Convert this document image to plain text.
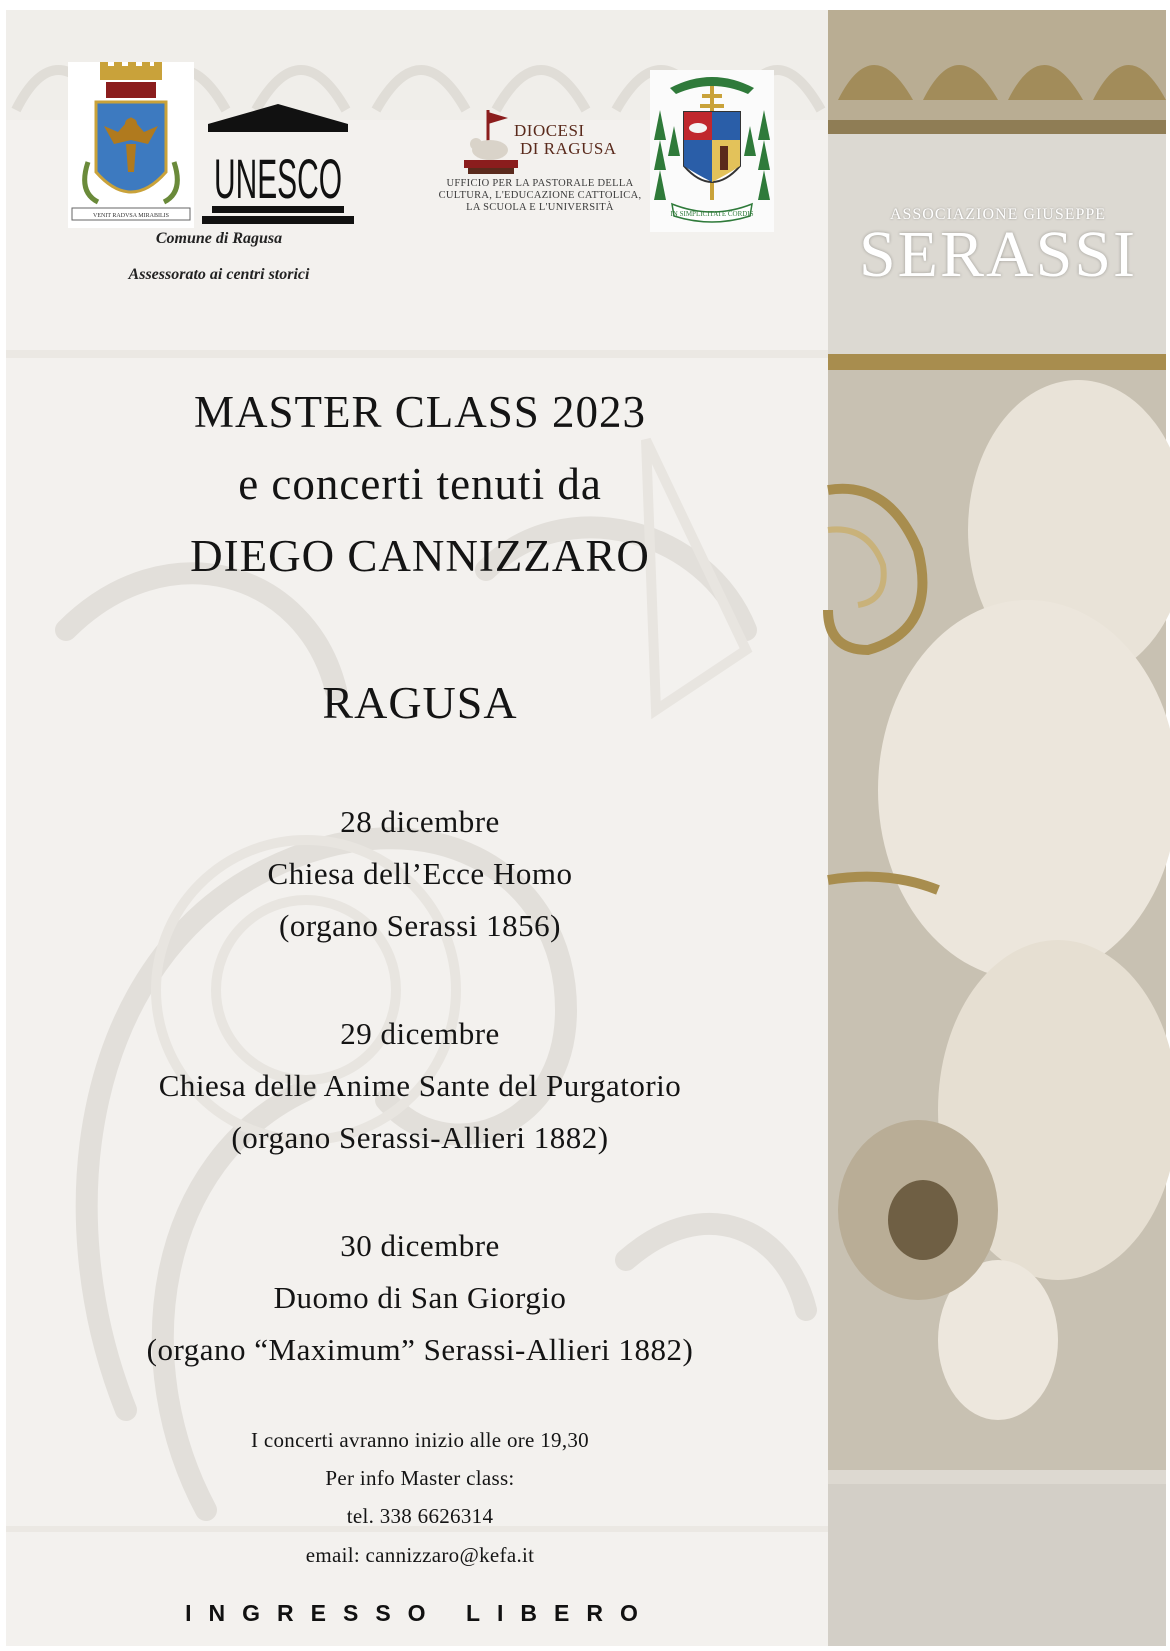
VENIT RADVSA MIRABILIS
UNESCO
DIOCESI
DI RAGUSA
UFFICIO PER LA PASTORALE DELLA
CULTURA, L'EDUCAZIONE CATTOLICA,
LA SCUOLA E L'UNIVERSITÀ
IN SIMPLICITATE CORDIS
Comune di Ragusa
Assessorato ai centri storici
ASSOCIAZIONE GIUSEPPE
SERASSI
MASTER CLASS 2023
e concerti tenuti da
DIEGO CANNIZZARO
RAGUSA
28 dicembre
Chiesa dell’Ecce Homo
(organo Serassi 1856)
29 dicembre
Chiesa delle Anime Sante del Purgatorio
(organo Serassi-Allieri 1882)
30 dicembre
Duomo di San Giorgio
(organo “Maximum” Serassi-Allieri 1882)
I concerti avranno inizio alle ore 19,30
Per info Master class:
tel. 338 6626314
email: cannizzaro@kefa.it
INGRESSO LIBERO
